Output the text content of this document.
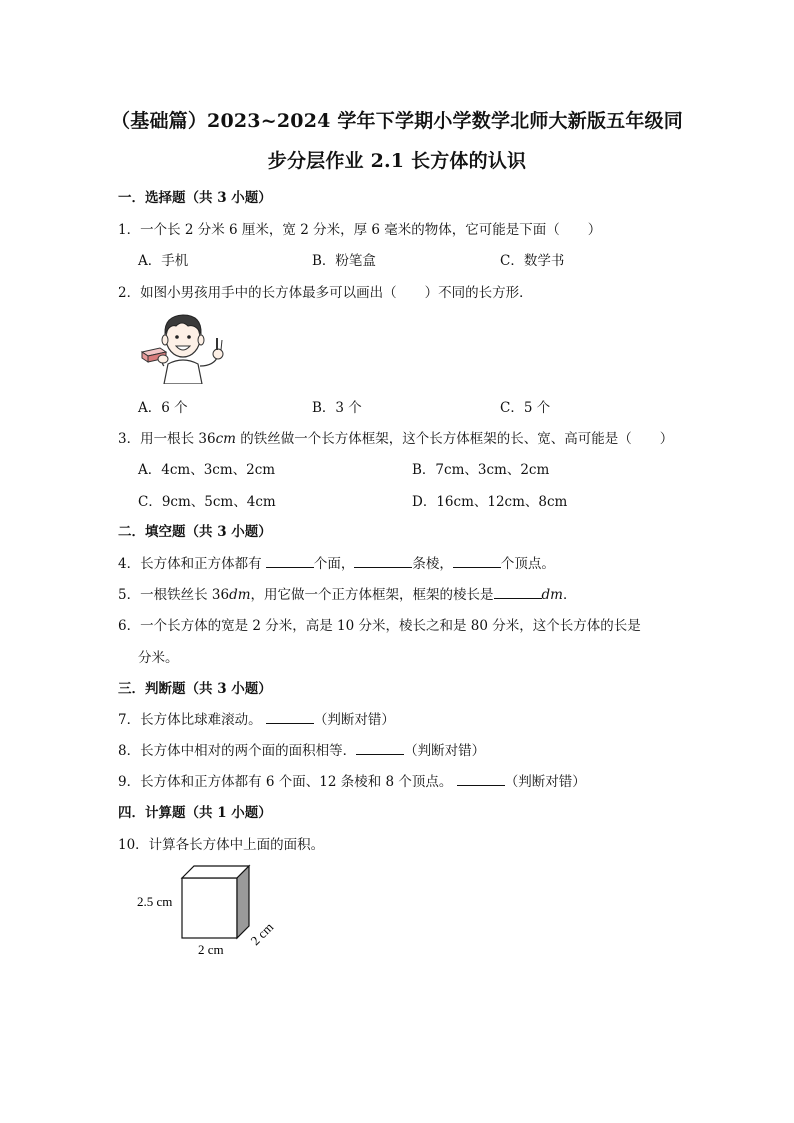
（基础篇）2023~2024 学年下学期小学数学北师大新版五年级同
步分层作业 2.1 长方体的认识
一．选择题（共 3 小题）
1．一个长 2 分米 6 厘米，宽 2 分米，厚 6 毫米的物体，它可能是下面（ ）
A．手机	B．粉笔盒	C．数学书
2．如图小男孩用手中的长方体最多可以画出（ ）不同的长方形．
A．6 个	B．3 个	C．5 个
3．用一根长 36cm 的铁丝做一个长方体框架，这个长方体框架的长、宽、高可能是（ ）
A．4cm、3cm、2cm	B．7cm、3cm、2cm
C．9cm、5cm、4cm	D．16cm、12cm、8cm
二．填空题（共 3 小题）
4．长方体和正方体都有	个面，	条棱，	个顶点。
5．一根铁丝长 36dm，用它做一个正方体框架，框架的棱长是	dm．
6．一个长方体的宽是 2 分米，高是 10 分米，棱长之和是 80 分米，这个长方体的长是
分米。
三．判断题（共 3 小题）
7．长方体比球难滚动。	（判断对错）
8．长方体中相对的两个面的面积相等．	（判断对错）
9．长方体和正方体都有 6 个面、12 条棱和 8 个顶点。	（判断对错）
四．计算题（共 1 小题）
10．计算各长方体中上面的面积。
2.5 cm
2 cm
2 cm
